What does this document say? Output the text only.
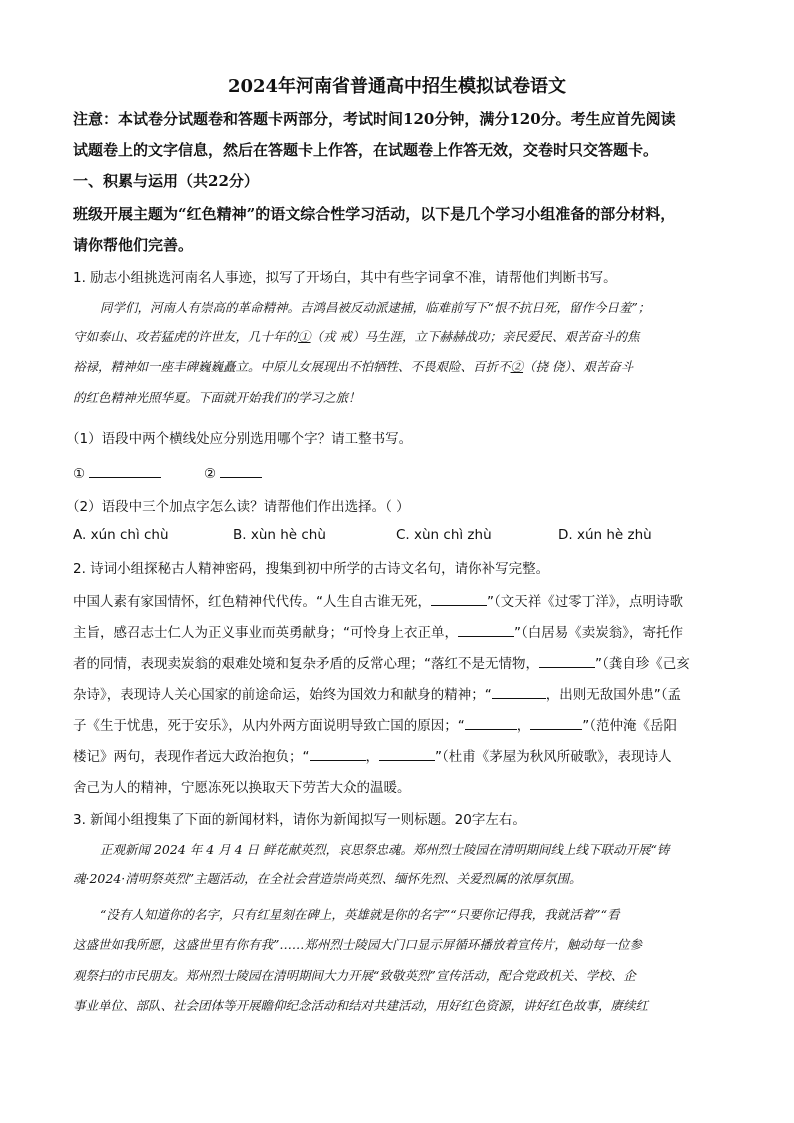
2024年河南省普通高中招生模拟试卷语文
注意：本试卷分试题卷和答题卡两部分，考试时间120分钟，满分120分。考生应首先阅读
试题卷上的文字信息，然后在答题卡上作答，在试题卷上作答无效，交卷时只交答题卡。
一、积累与运用（共22分）
班级开展主题为“红色精神”的语文综合性学习活动，以下是几个学习小组准备的部分材料，
请你帮他们完善。
1. 励志小组挑选河南名人事迹，拟写了开场白，其中有些字词拿不准，请帮他们判断书写。
同学们，河南人有崇高的革命精神。吉鸿昌被反动派逮捕，临难前写下“恨不抗日死，留作今日羞”；
守如泰山、攻若猛虎的许世友，几十年的①（戎 戒）马生涯，立下赫赫战功；亲民爱民、艰苦奋斗的焦
裕禄，精神如一座丰碑巍巍矗立。中原儿女展现出不怕牺牲、不畏艰险、百折不②（挠 侥）、艰苦奋斗
的红色精神光照华夏。下面就开始我们的学习之旅！
（1）语段中两个横线处应分别选用哪个字？请工整书写。
①	②
（2）语段中三个加点字怎么读？请帮他们作出选择。（ ）
A. xún chì chù	B. xùn hè chù	C. xùn chì zhù	D. xún hè zhù
2. 诗词小组探秘古人精神密码，搜集到初中所学的古诗文名句，请你补写完整。
中国人素有家国情怀，红色精神代代传。“人生自古谁无死，	”（文天祥《过零丁洋》，点明诗歌
主旨，感召志士仁人为正义事业而英勇献身；“可怜身上衣正单，	”（白居易《卖炭翁》，寄托作
者的同情，表现卖炭翁的艰难处境和复杂矛盾的反常心理；“落红不是无情物，	”（龚自珍《己亥
杂诗》，表现诗人关心国家的前途命运，始终为国效力和献身的精神；“	，出则无敌国外患”（孟
子《生于忧患，死于安乐》，从内外两方面说明导致亡国的原因；“	，	”（范仲淹《岳阳
楼记》两句，表现作者远大政治抱负；“	，	”（杜甫《茅屋为秋风所破歌》，表现诗人
舍己为人的精神，宁愿冻死以换取天下劳苦大众的温暖。
3. 新闻小组搜集了下面的新闻材料，请你为新闻拟写一则标题。20字左右。
正观新闻 2024 年 4 月 4 日 鲜花献英烈，哀思祭忠魂。郑州烈士陵园在清明期间线上线下联动开展“铸
魂·2024·清明祭英烈”主题活动，在全社会营造崇尚英烈、缅怀先烈、关爱烈属的浓厚氛围。
“没有人知道你的名字，只有红星刻在碑上，英雄就是你的名字”“只要你记得我，我就活着”“看
这盛世如我所愿，这盛世里有你有我”……郑州烈士陵园大门口显示屏循环播放着宣传片，触动每一位参
观祭扫的市民朋友。郑州烈士陵园在清明期间大力开展“致敬英烈”宣传活动，配合党政机关、学校、企
事业单位、部队、社会团体等开展瞻仰纪念活动和结对共建活动，用好红色资源，讲好红色故事，赓续红
